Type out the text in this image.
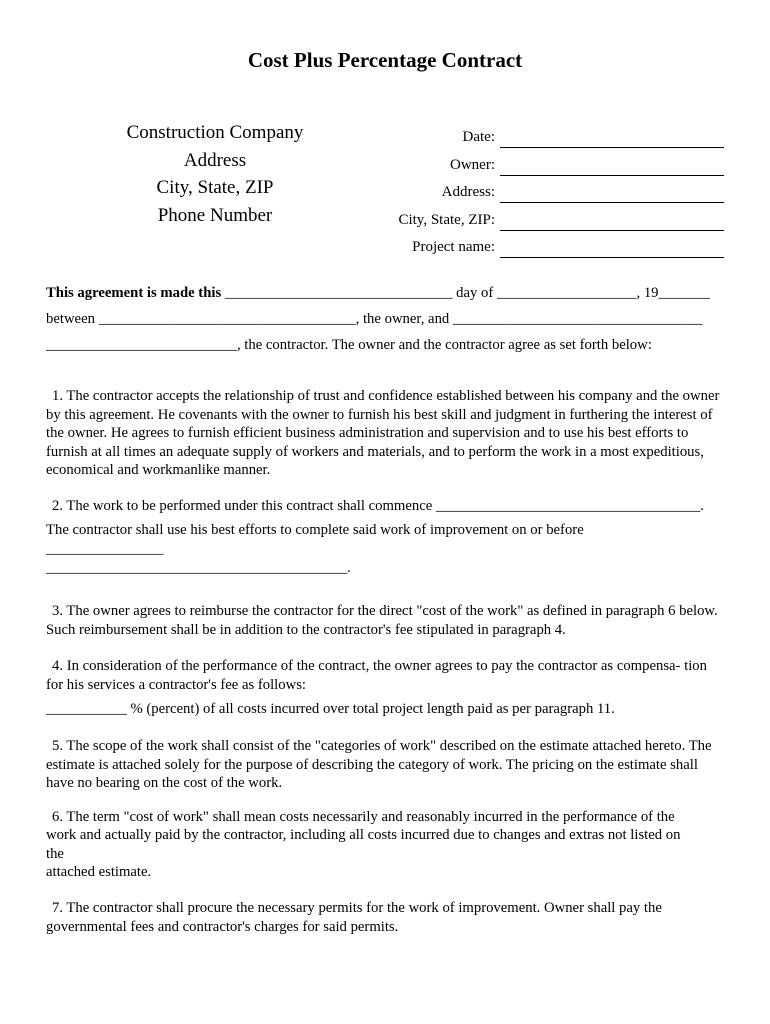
Cost Plus Percentage Contract
Construction Company
Address
City, State, ZIP
Phone Number
Date:
Owner:
Address:
City, State, ZIP:
Project name:
This agreement is made this _______________________________ day of ___________________, 19_______
between ___________________________________, the owner, and __________________________________
__________________________, the contractor. The owner and the contractor agree as set forth below:
1. The contractor accepts the relationship of trust and confidence established between his company and the owner by this agreement. He covenants with the owner to furnish his best skill and judgment in furthering the interest of the owner. He agrees to furnish efficient business administration and supervision and to use his best efforts to furnish at all times an adequate supply of workers and materials, and to perform the work in a most expeditious, economical and workmanlike manner.
2. The work to be performed under this contract shall commence ____________________________________.
The contractor shall use his best efforts to complete said work of improvement on or before
________________
_________________________________________.
3. The owner agrees to reimburse the contractor for the direct "cost of the work" as defined in paragraph 6 below. Such reimbursement shall be in addition to the contractor's fee stipulated in paragraph 4.
4. In consideration of the performance of the contract, the owner agrees to pay the contractor as compensa- tion for his services a contractor's fee as follows:
___________ % (percent) of all costs incurred over total project length paid as per paragraph 11.
5. The scope of the work shall consist of the "categories of work" described on the estimate attached hereto. The estimate is attached solely for the purpose of describing the category of work. The pricing on the estimate shall have no bearing on the cost of the work.
6. The term "cost of work" shall mean costs necessarily and reasonably incurred in the performance of the
work and actually paid by the contractor, including all costs incurred due to changes and extras not listed on
the
attached estimate.
7. The contractor shall procure the necessary permits for the work of improvement. Owner shall pay the governmental fees and contractor's charges for said permits.
